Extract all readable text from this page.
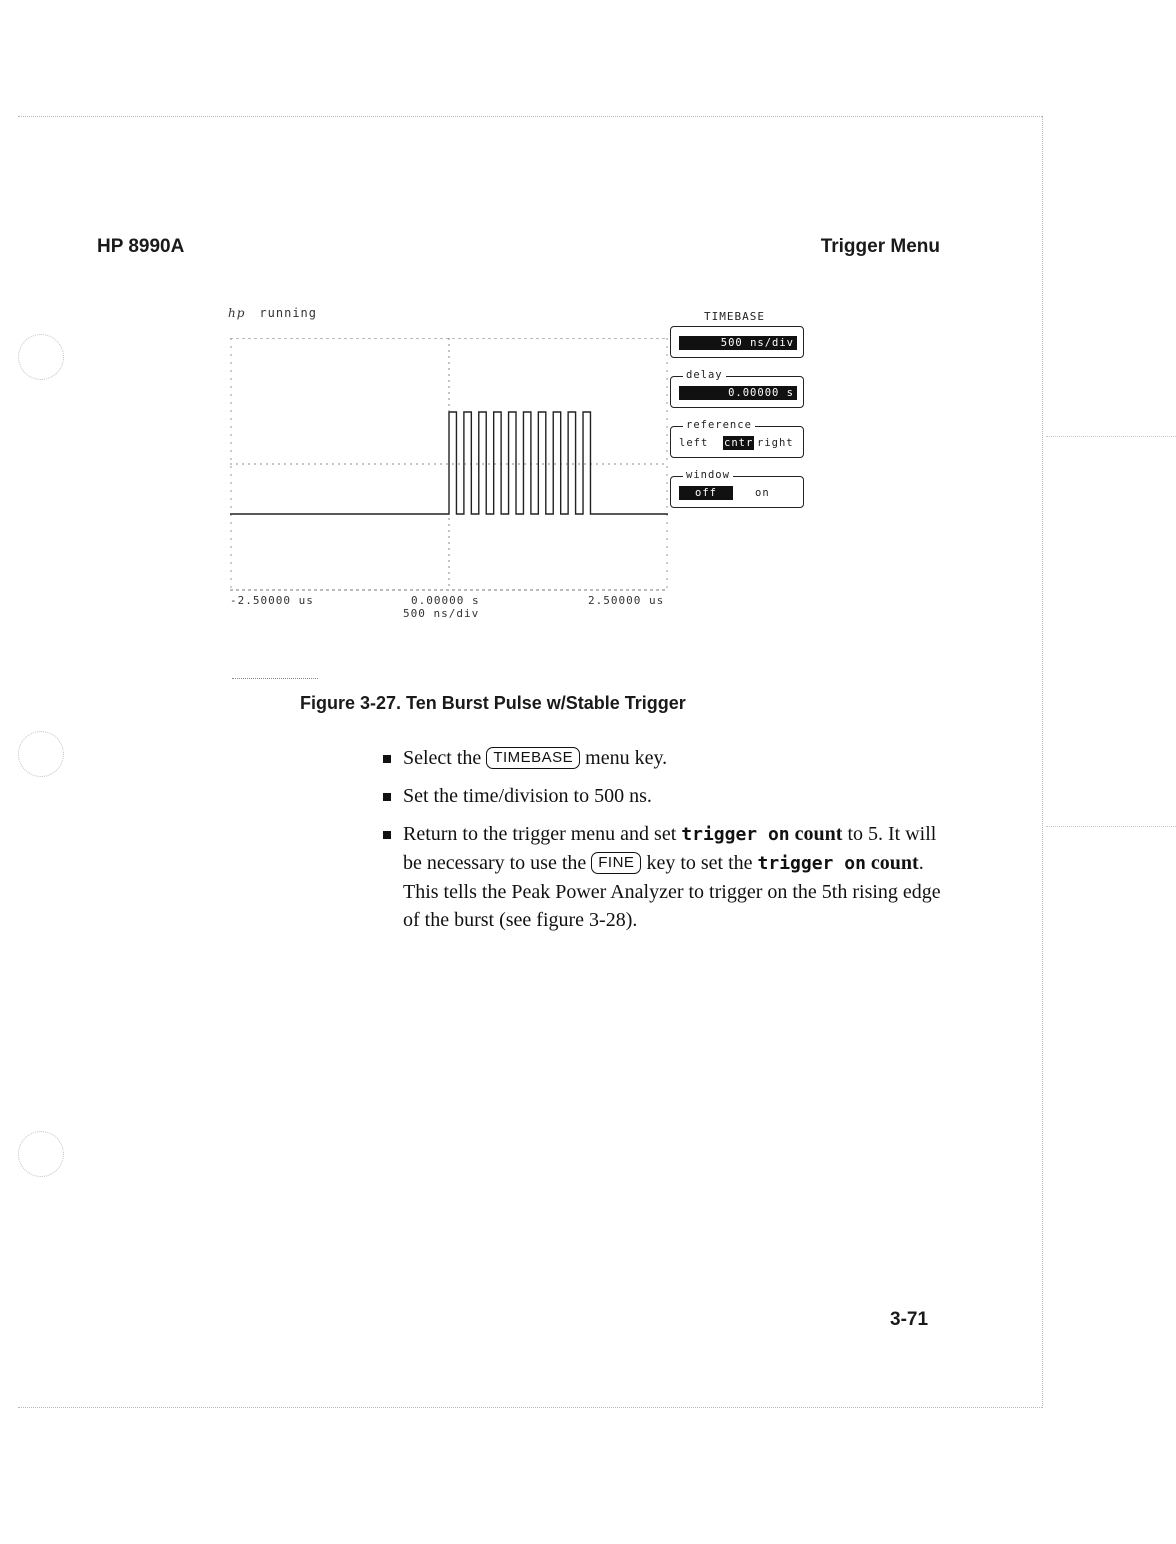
HP 8990A	Trigger Menu
hp running
-2.50000 us	0.00000 s	2.50000 us
500 ns/div
TIMEBASE
500 ns/div
delay
0.00000 s
reference
left cntr right
window
off	on
Figure 3-27. Ten Burst Pulse w/Stable Trigger
Select the TIMEBASE menu key.
Set the time/division to 500 ns.
Return to the trigger menu and set trigger on count to 5. It will be necessary to use the FINE key to set the trigger on count. This tells the Peak Power Analyzer to trigger on the 5th rising edge of the burst (see figure 3-28).
3-71
